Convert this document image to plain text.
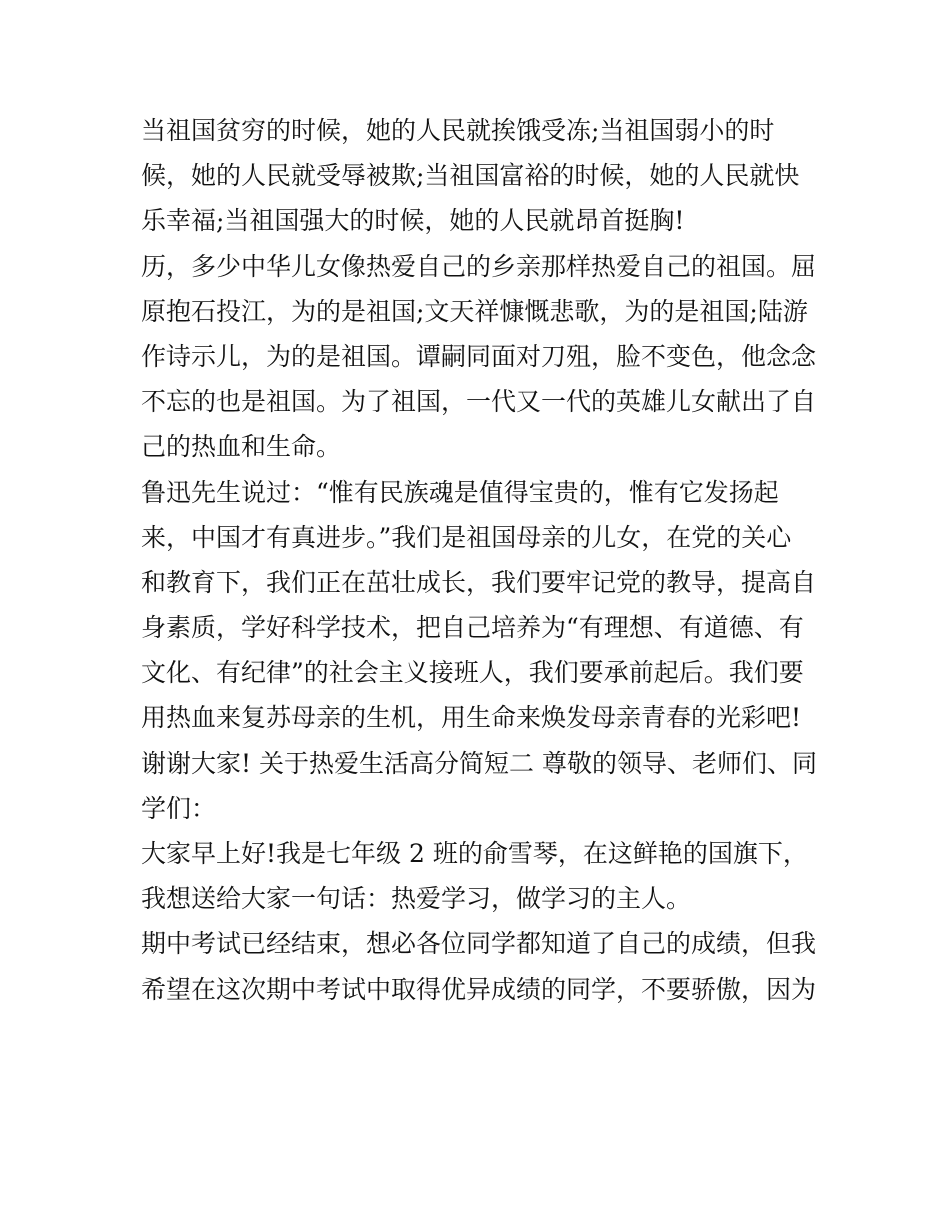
当祖国贫穷的时候，她的人民就挨饿受冻;当祖国弱小的时
候，她的人民就受辱被欺;当祖国富裕的时候，她的人民就快
乐幸福;当祖国强大的时候，她的人民就昂首挺胸!
历，多少中华儿女像热爱自己的乡亲那样热爱自己的祖国。屈
原抱石投江，为的是祖国;文天祥慷慨悲歌，为的是祖国;陆游
作诗示儿，为的是祖国。谭嗣同面对刀殂，脸不变色，他念念
不忘的也是祖国。为了祖国，一代又一代的英雄儿女献出了自
己的热血和生命。
鲁迅先生说过：“惟有民族魂是值得宝贵的，惟有它发扬起
来，中国才有真进步。”我们是祖国母亲的儿女，在党的关心
和教育下，我们正在茁壮成长，我们要牢记党的教导，提高自
身素质，学好科学技术，把自己培养为“有理想、有道德、有
文化、有纪律”的社会主义接班人，我们要承前起后。我们要
用热血来复苏母亲的生机，用生命来焕发母亲青春的光彩吧!
谢谢大家! 关于热爱生活高分简短二 尊敬的领导、老师们、同
学们：
大家早上好!我是七年级 2 班的俞雪琴，在这鲜艳的国旗下，
我想送给大家一句话：热爱学习，做学习的主人。
期中考试已经结束，想必各位同学都知道了自己的成绩，但我
希望在这次期中考试中取得优异成绩的同学，不要骄傲，因为
